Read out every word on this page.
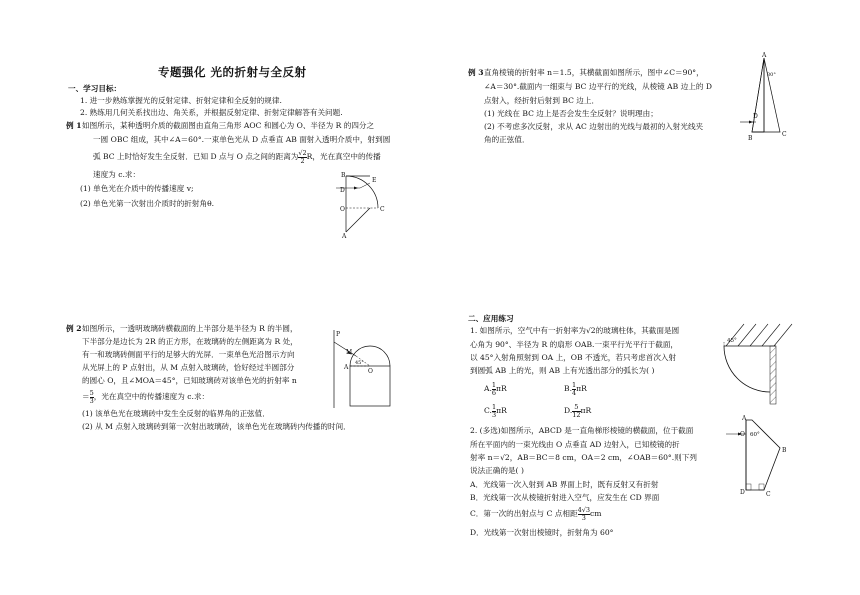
专题强化 光的折射与全反射
一、学习目标：
1. 进一步熟练掌握光的反射定律、折射定律和全反射的规律.
2. 熟练用几何关系找出边、角关系，并根据反射定律、折射定律解答有关问题.
例 1 如图所示，某种透明介质的截面图由直角三角形 AOC 和圆心为 O、半径为 R 的四分之
一圆 OBC 组成，其中∠A＝60°.一束单色光从 D 点垂直 AB 面射入透明介质中，射到圆
弧 BC 上时恰好发生全反射．已知 D 点与 O 点之间的距离为 $\frac{√2}{2}$ R，光在真空中的传播
速度为 c.求：
(1) 单色光在介质中的传播速度 v;
(2) 单色光第一次射出介质时的折射角θ.
B
E
D
O	C
A
例 2 如图所示，一透明玻璃砖横截面的上半部分是半径为 R 的半圆，
下半部分是边长为 2R 的正方形，在玻璃砖的左侧距离为 R 处，
有一和玻璃砖侧面平行的足够大的光屏．一束单色光沿图示方向
从光屏上的 P 点射出，从 M 点射入玻璃砖，恰好经过半圆部分
的圆心 O，且∠MOA＝45°，已知玻璃砖对该单色光的折射率 n
＝ $\frac{5}{3}$ ，光在真空中的传播速度为 c.求：
(1) 该单色光在玻璃砖中发生全反射的临界角的正弦值．
(2) 从 M 点射入玻璃砖到第一次射出玻璃砖，该单色光在玻璃砖内传播的时间．
P
M
45°
O
A
例 3 直角棱镜的折射率 n＝1.5，其横截面如图所示，图中∠C＝90°，
∠A＝30°.截面内一细束与 BC 边平行的光线，从棱镜 AB 边上的 D
点射入，经折射后射到 BC 边上．
(1) 光线在 BC 边上是否会发生全反射？说明理由；
(2) 不考虑多次反射，求从 AC 边射出的光线与最初的入射光线夹
角的正弦值．
A
30°
D
B
C
二、应用练习
1. 如图所示，空气中有一折射率为√2的玻璃柱体，其截面是圆
心角为 90°、半径为 R 的扇形 OAB.一束平行光平行于截面，
以 45°入射角照射到 OA 上，OB 不透光，若只考虑首次入射
到圆弧 AB 上的光，则 AB 上有光透出部分的弧长为( )
A. $\frac{1}{6}$ πR	B. $\frac{1}{4}$ πR
C. $\frac{1}{3}$ πR	D. $\frac{5}{12}$ πR
45°
2. (多选)如图所示，ABCD 是一直角梯形棱镜的横截面，位于截面
所在平面内的一束光线由 O 点垂直 AD 边射入，已知棱镜的折
射率 n＝√2，AB＝BC＝8 cm，OA＝2 cm，∠OAB＝60°.则下列
说法正确的是( )
A．光线第一次入射到 AB 界面上时，既有反射又有折射
B．光线第一次从棱镜折射进入空气，应发生在 CD 界面
C．第一次的出射点与 C 点相距 $\frac{4√3}{3}$ cm
D．光线第一次射出棱镜时，折射角为 60°
A
O 60°
B
D	C
